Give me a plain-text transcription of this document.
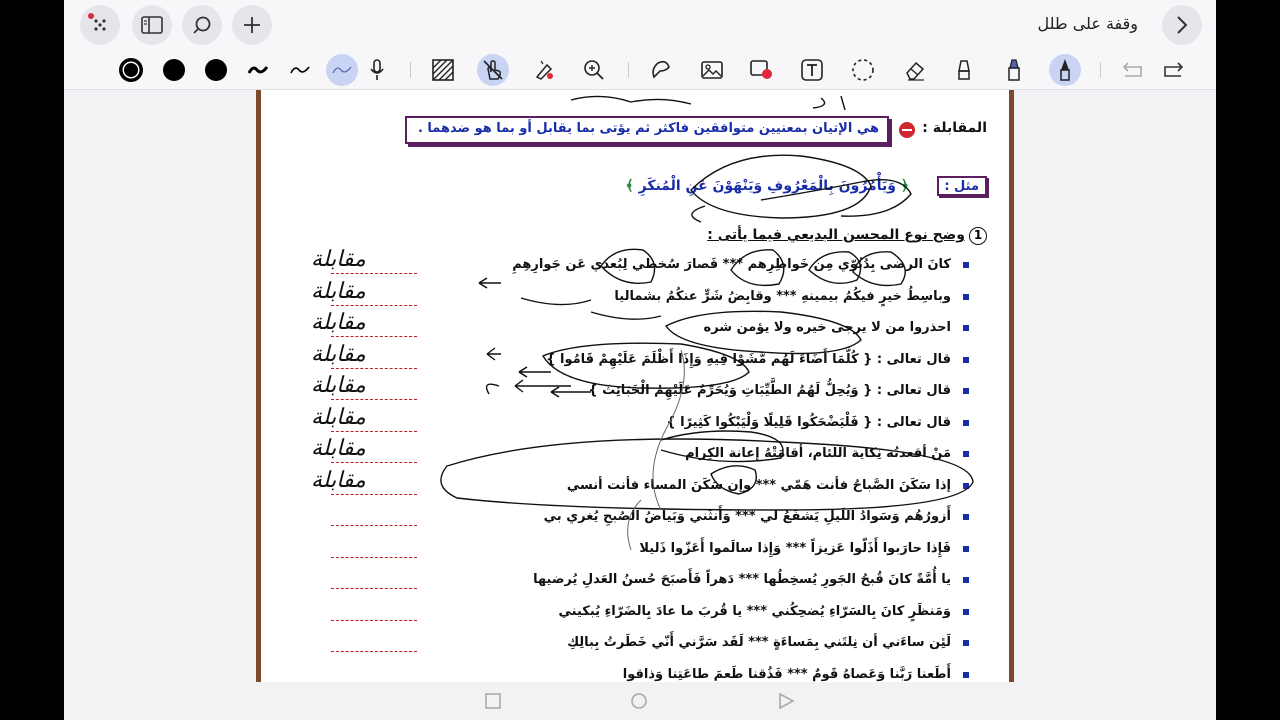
وقفة على طلل
المقابلة :
هي الإتيان بمعنيين متوافقين فاكثر ثم يؤتى بما يقابل أو بما هو ضدهما .
مثل :
﴿ وَيَأْمُرُونَ بِالْمَعْرُوفِ وَيَنْهَوْنَ عَنِ الْمُنكَرِ ﴾
1
وضح نوع المحسن البديعي فيما يأتى :
كانَ الرضى بِدُنُوّي مِن خَواطِرِهم *** فَصارَ سُخطي لِبُعدي عَن جَوارِهِمِ
مقابلة
وباسِطُ خيرٍ فيكُمُ بيمينهِ *** وقابِضُ شَرٍّ عنكُمُ بشماليا
مقابلة
احذروا من لا يرجى خيره ولا يؤمن شره
مقابلة
قال تعالى : { كُلَّمَا أَضَاءَ لَهُم مَّشَوْا فِيهِ وَإِذَا أَظْلَمَ عَلَيْهِمْ قَامُوا }
مقابلة
قال تعالى : { وَيُحِلُّ لَهُمُ الطَّيِّبَاتِ وَيُحَرِّمُ عَلَيْهِمُ الْخَبَائِثَ }
مقابلة
قال تعالى : { فَلْيَضْحَكُوا قَلِيلًا وَلْيَبْكُوا كَثِيرًا }
مقابلة
مَنْ أقعدتُه نِكاية اللئام، أقامَتْهُ إعانة الكِرام
مقابلة
إذا سَكَنَ الصَّباحُ فأنت هَمّي *** وإن سَكَنَ المساء فأنت أنسي
مقابلة
أَزورُهُم وَسَوادُ اللَيلِ يَشفَعُ لي *** وَأَنثَني وَبَياضُ الصُبحِ يُغري بي
فَإِذا حارَبوا أَذَلّوا عَزيزاً *** وَإِذا سالَموا أَعَزّوا ذَليلا
يا أُمَّةً كانَ قُبحُ الجَورِ يُسخِطُها *** دَهراً فَأَصبَحَ حُسنُ العَدلِ يُرضيها
وَمَنظَرٍ كانَ بِالسَرّاءِ يُضحِكُني *** يا قُربَ ما عادَ بِالضَرّاءِ يُبكيني
لَئِن ساءَني أن نِلتَني بِمَساءَةٍ *** لَقَد سَرَّني أَنّي خَطَرتُ بِبالِكِ
أَطَعنا رَبَّنا وَعَصاهُ قَومٌ *** فَذُقنا طَعمَ طاعَتِنا وَذاقوا
